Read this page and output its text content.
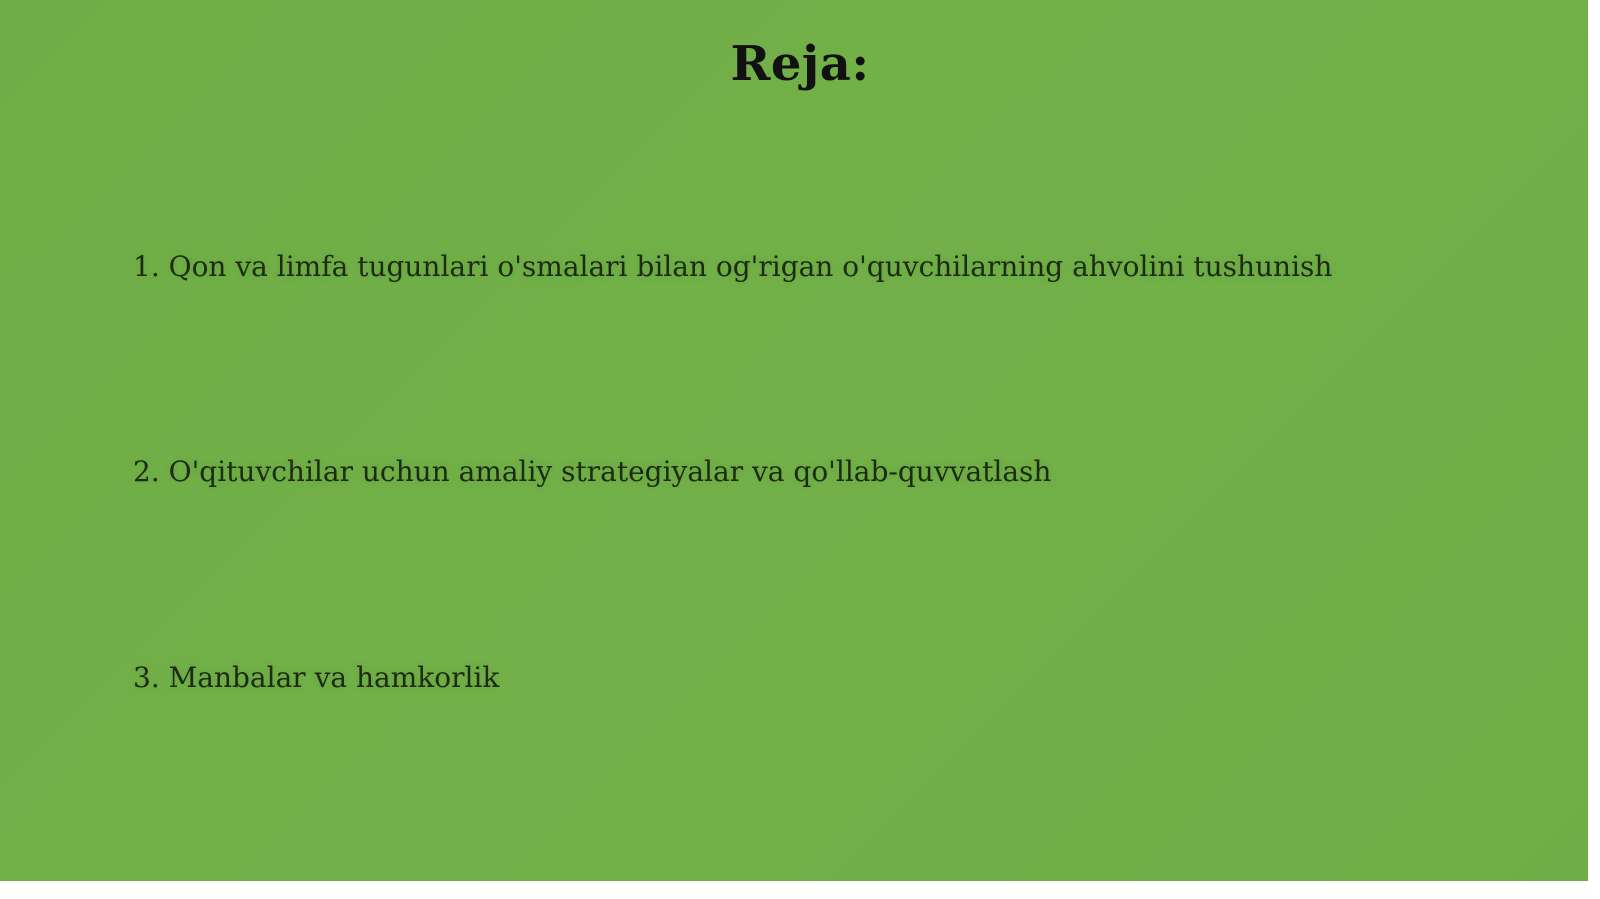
Reja:
1. Qon va limfa tugunlari o'smalari bilan og'rigan o'quvchilarning ahvolini tushunish
2. O'qituvchilar uchun amaliy strategiyalar va qo'llab-quvvatlash
3. Manbalar va hamkorlik
